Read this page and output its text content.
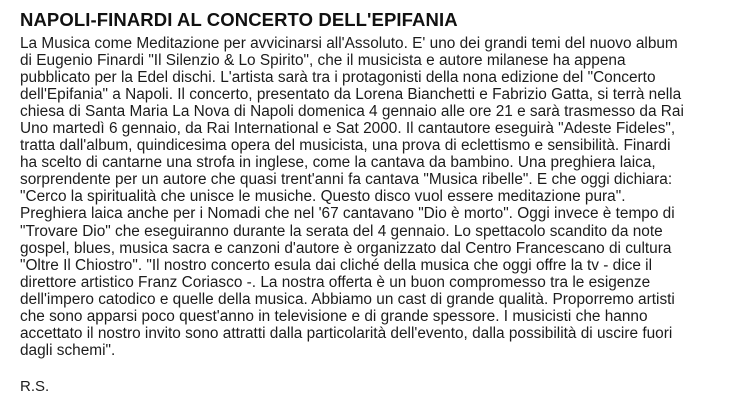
NAPOLI-FINARDI AL CONCERTO DELL'EPIFANIA
La Musica come Meditazione per avvicinarsi all'Assoluto. E' uno dei grandi temi del nuovo album
di Eugenio Finardi "Il Silenzio & Lo Spirito", che il musicista e autore milanese ha appena
pubblicato per la Edel dischi. L'artista sarà tra i protagonisti della nona edizione del "Concerto
dell'Epifania" a Napoli. Il concerto, presentato da Lorena Bianchetti e Fabrizio Gatta, si terrà nella
chiesa di Santa Maria La Nova di Napoli domenica 4 gennaio alle ore 21 e sarà trasmesso da Rai
Uno martedì 6 gennaio, da Rai International e Sat 2000. Il cantautore eseguirà "Adeste Fideles",
tratta dall'album, quindicesima opera del musicista, una prova di eclettismo e sensibilità. Finardi
ha scelto di cantarne una strofa in inglese, come la cantava da bambino. Una preghiera laica,
sorprendente per un autore che quasi trent'anni fa cantava "Musica ribelle". E che oggi dichiara:
"Cerco la spiritualità che unisce le musiche. Questo disco vuol essere meditazione pura".
Preghiera laica anche per i Nomadi che nel '67 cantavano "Dio è morto". Oggi invece è tempo di
"Trovare Dio" che eseguiranno durante la serata del 4 gennaio. Lo spettacolo scandito da note
gospel, blues, musica sacra e canzoni d'autore è organizzato dal Centro Francescano di cultura
"Oltre Il Chiostro". "Il nostro concerto esula dai cliché della musica che oggi offre la tv - dice il
direttore artistico Franz Coriasco -. La nostra offerta è un buon compromesso tra le esigenze
dell'impero catodico e quelle della musica. Abbiamo un cast di grande qualità. Proporremo artisti
che sono apparsi poco quest'anno in televisione e di grande spessore. I musicisti che hanno
accettato il nostro invito sono attratti dalla particolarità dell'evento, dalla possibilità di uscire fuori
dagli schemi".
R.S.
